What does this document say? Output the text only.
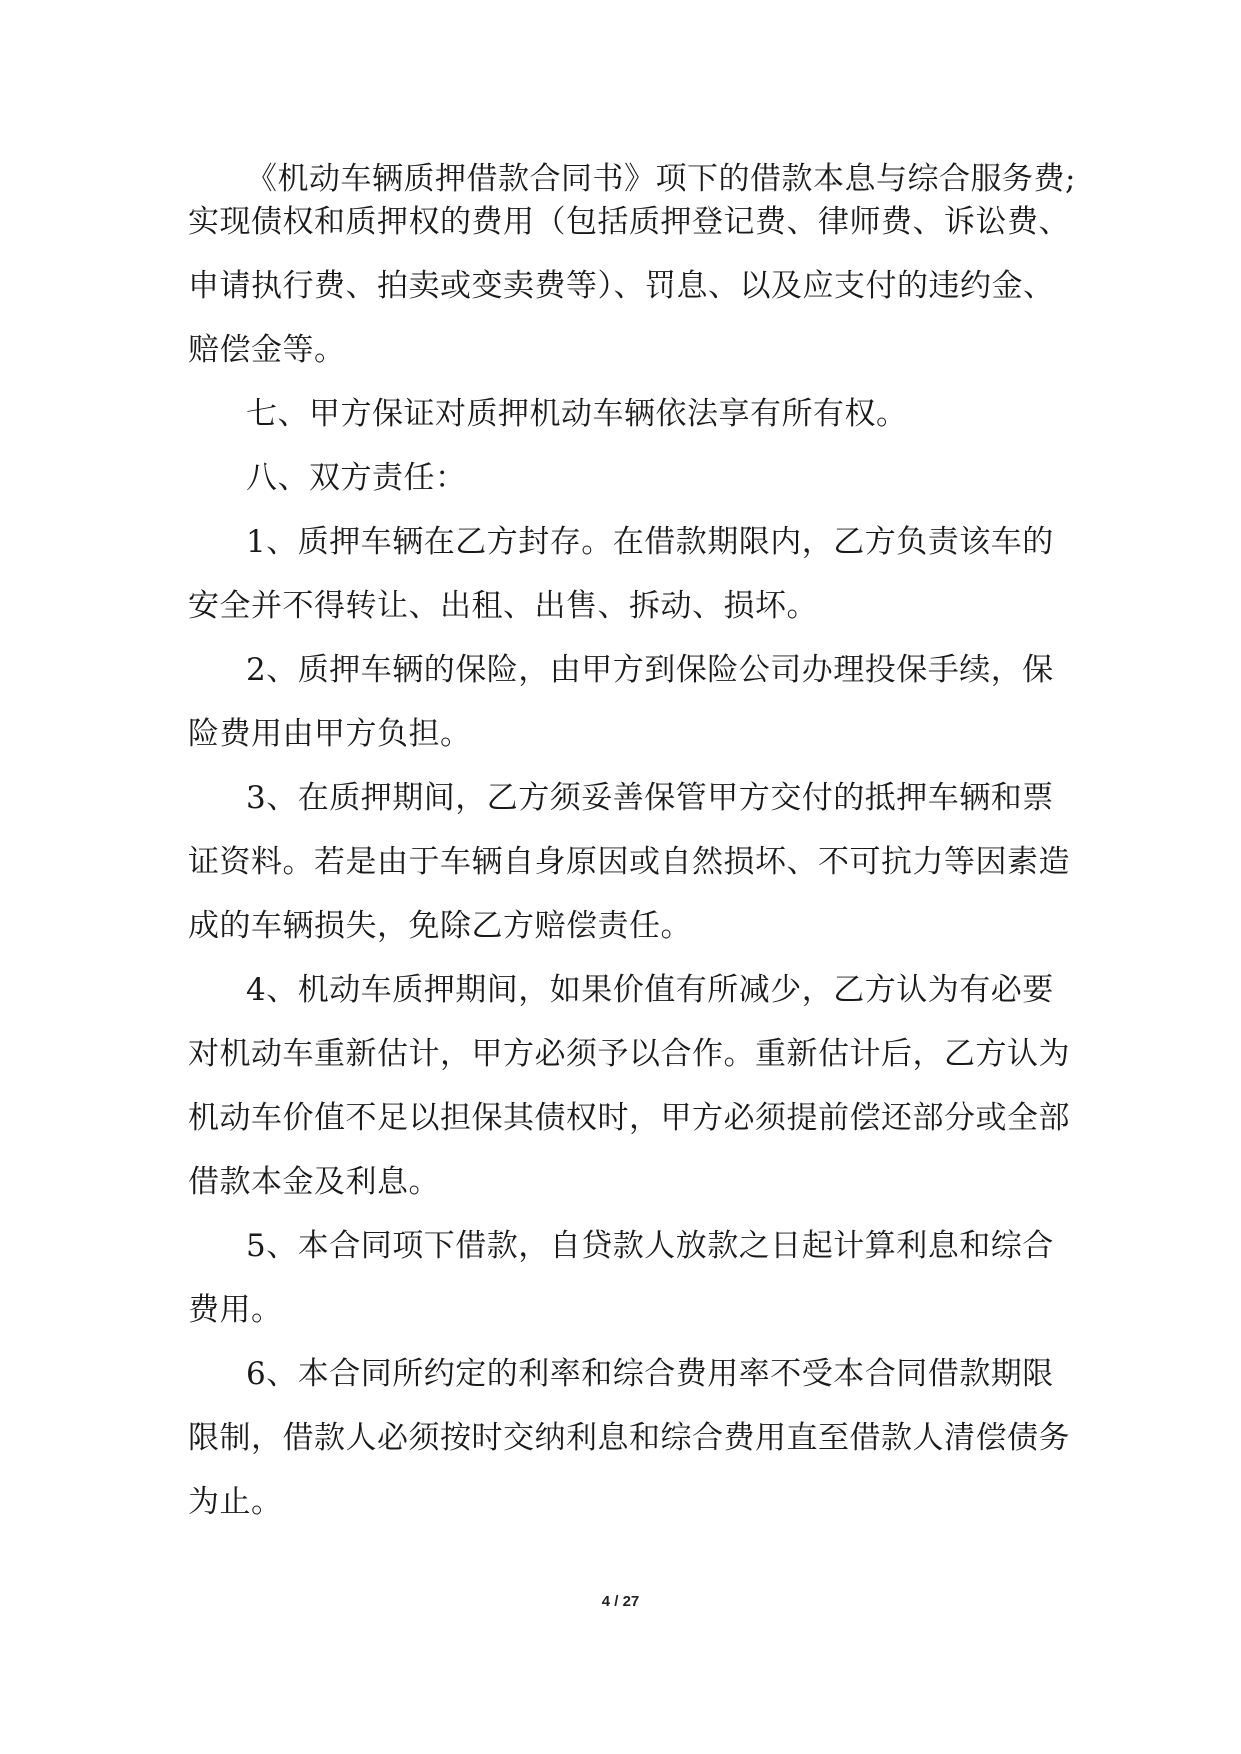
《机动车辆质押借款合同书》项下的借款本息与综合服务费;

实现债权和质押权的费用（包括质押登记费、律师费、诉讼费、

申请执行费、拍卖或变卖费等）、罚息、以及应支付的违约金、

赔偿金等。

七、甲方保证对质押机动车辆依法享有所有权。

八、双方责任：

1、质押车辆在乙方封存。在借款期限内，乙方负责该车的

安全并不得转让、出租、出售、拆动、损坏。

2、质押车辆的保险，由甲方到保险公司办理投保手续，保

险费用由甲方负担。

3、在质押期间，乙方须妥善保管甲方交付的抵押车辆和票

证资料。若是由于车辆自身原因或自然损坏、不可抗力等因素造

成的车辆损失，免除乙方赔偿责任。

4、机动车质押期间，如果价值有所减少，乙方认为有必要

对机动车重新估计，甲方必须予以合作。重新估计后，乙方认为

机动车价值不足以担保其债权时，甲方必须提前偿还部分或全部

借款本金及利息。

5、本合同项下借款，自贷款人放款之日起计算利息和综合

费用。

6、本合同所约定的利率和综合费用率不受本合同借款期限

限制，借款人必须按时交纳利息和综合费用直至借款人清偿债务

为止。

4 / 27
